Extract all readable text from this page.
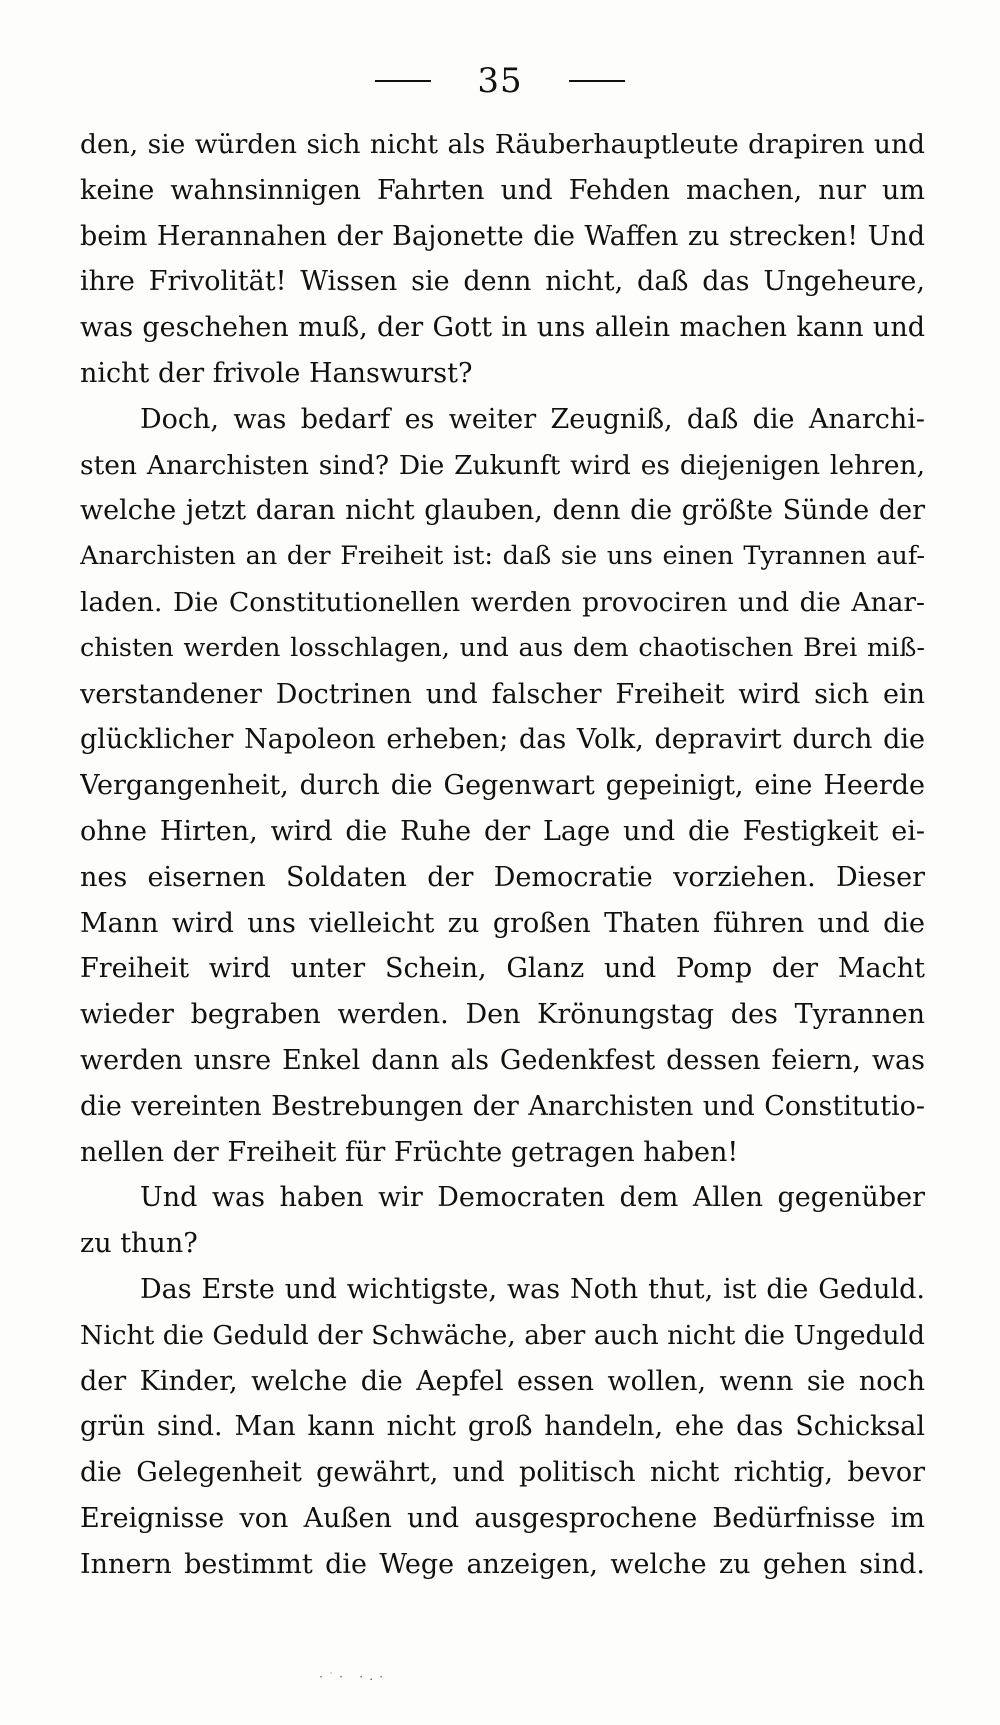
35
den, sie würden sich nicht als Räuberhauptleute drapiren und
keine wahnsinnigen Fahrten und Fehden machen, nur um
beim Herannahen der Bajonette die Waffen zu strecken! Und
ihre Frivolität! Wissen sie denn nicht, daß das Ungeheure,
was geschehen muß, der Gott in uns allein machen kann und
nicht der frivole Hanswurst?
Doch, was bedarf es weiter Zeugniß, daß die Anarchi-
sten Anarchisten sind? Die Zukunft wird es diejenigen lehren,
welche jetzt daran nicht glauben, denn die größte Sünde der
Anarchisten an der Freiheit ist: daß sie uns einen Tyrannen auf-
laden. Die Constitutionellen werden provociren und die Anar-
chisten werden losschlagen, und aus dem chaotischen Brei miß-
verstandener Doctrinen und falscher Freiheit wird sich ein
glücklicher Napoleon erheben; das Volk, depravirt durch die
Vergangenheit, durch die Gegenwart gepeinigt, eine Heerde
ohne Hirten, wird die Ruhe der Lage und die Festigkeit ei-
nes eisernen Soldaten der Democratie vorziehen. Dieser
Mann wird uns vielleicht zu großen Thaten führen und die
Freiheit wird unter Schein, Glanz und Pomp der Macht
wieder begraben werden. Den Krönungstag des Tyrannen
werden unsre Enkel dann als Gedenkfest dessen feiern, was
die vereinten Bestrebungen der Anarchisten und Constitutio-
nellen der Freiheit für Früchte getragen haben!
Und was haben wir Democraten dem Allen gegenüber
zu thun?
Das Erste und wichtigste, was Noth thut, ist die Geduld.
Nicht die Geduld der Schwäche, aber auch nicht die Ungeduld
der Kinder, welche die Aepfel essen wollen, wenn sie noch
grün sind. Man kann nicht groß handeln, ehe das Schicksal
die Gelegenheit gewährt, und politisch nicht richtig, bevor
Ereignisse von Außen und ausgesprochene Bedürfnisse im
Innern bestimmt die Wege anzeigen, welche zu gehen sind.
·˙· ·.·
